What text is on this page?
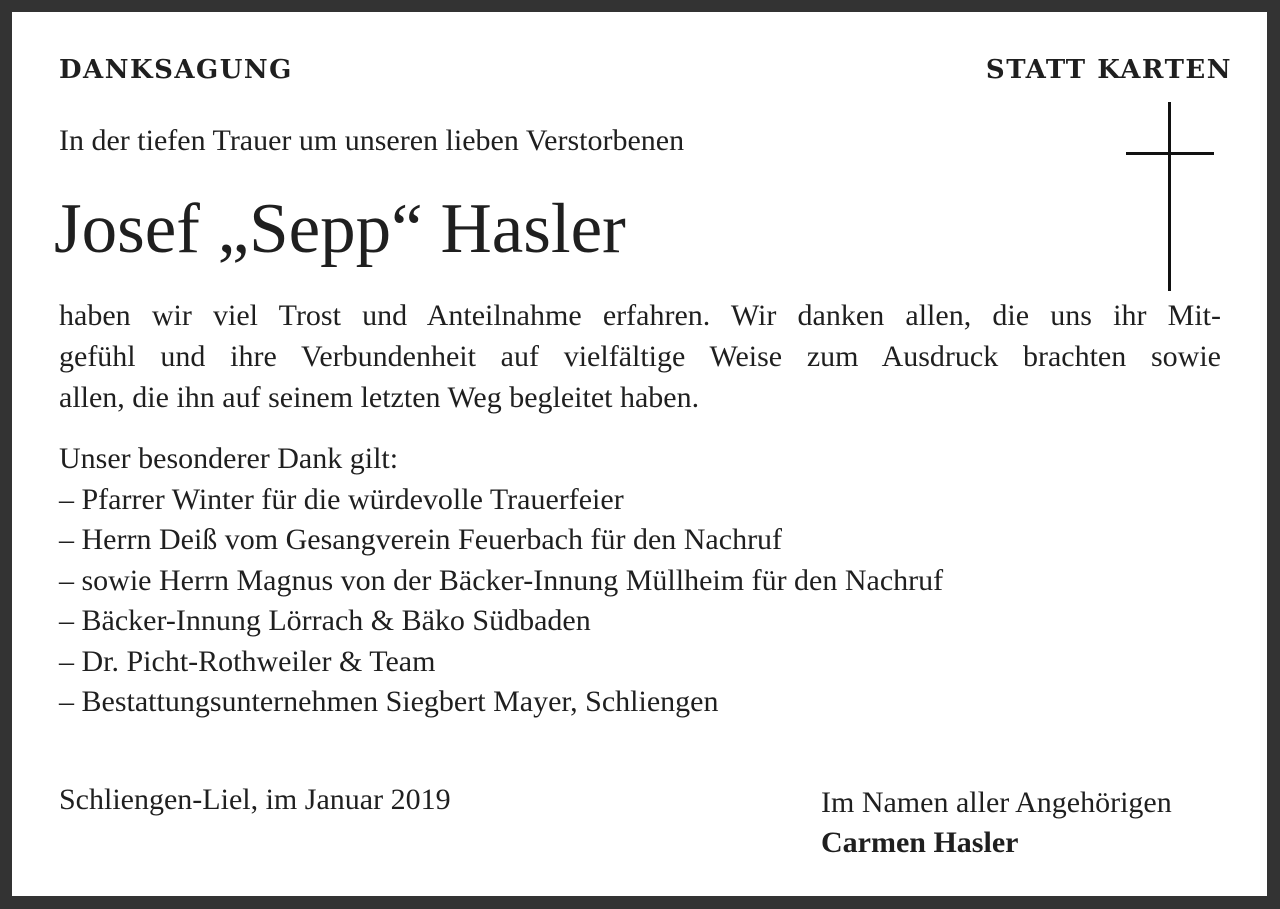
DANKSAGUNG	STATT KARTEN
In der tiefen Trauer um unseren lieben Verstorbenen
Josef „Sepp“ Hasler
haben wir viel Trost und Anteilnahme erfahren. Wir danken allen, die uns ihr Mit-
gefühl und ihre Verbundenheit auf vielfältige Weise zum Ausdruck brachten sowie
allen, die ihn auf seinem letzten Weg begleitet haben.
Unser besonderer Dank gilt:
– Pfarrer Winter für die würdevolle Trauerfeier
– Herrn Deiß vom Gesangverein Feuerbach für den Nachruf
– sowie Herrn Magnus von der Bäcker-Innung Müllheim für den Nachruf
– Bäcker-Innung Lörrach & Bäko Südbaden
– Dr. Picht-Rothweiler & Team
– Bestattungsunternehmen Siegbert Mayer, Schliengen
Schliengen-Liel, im Januar 2019	Im Namen aller Angehörigen
Carmen Hasler
